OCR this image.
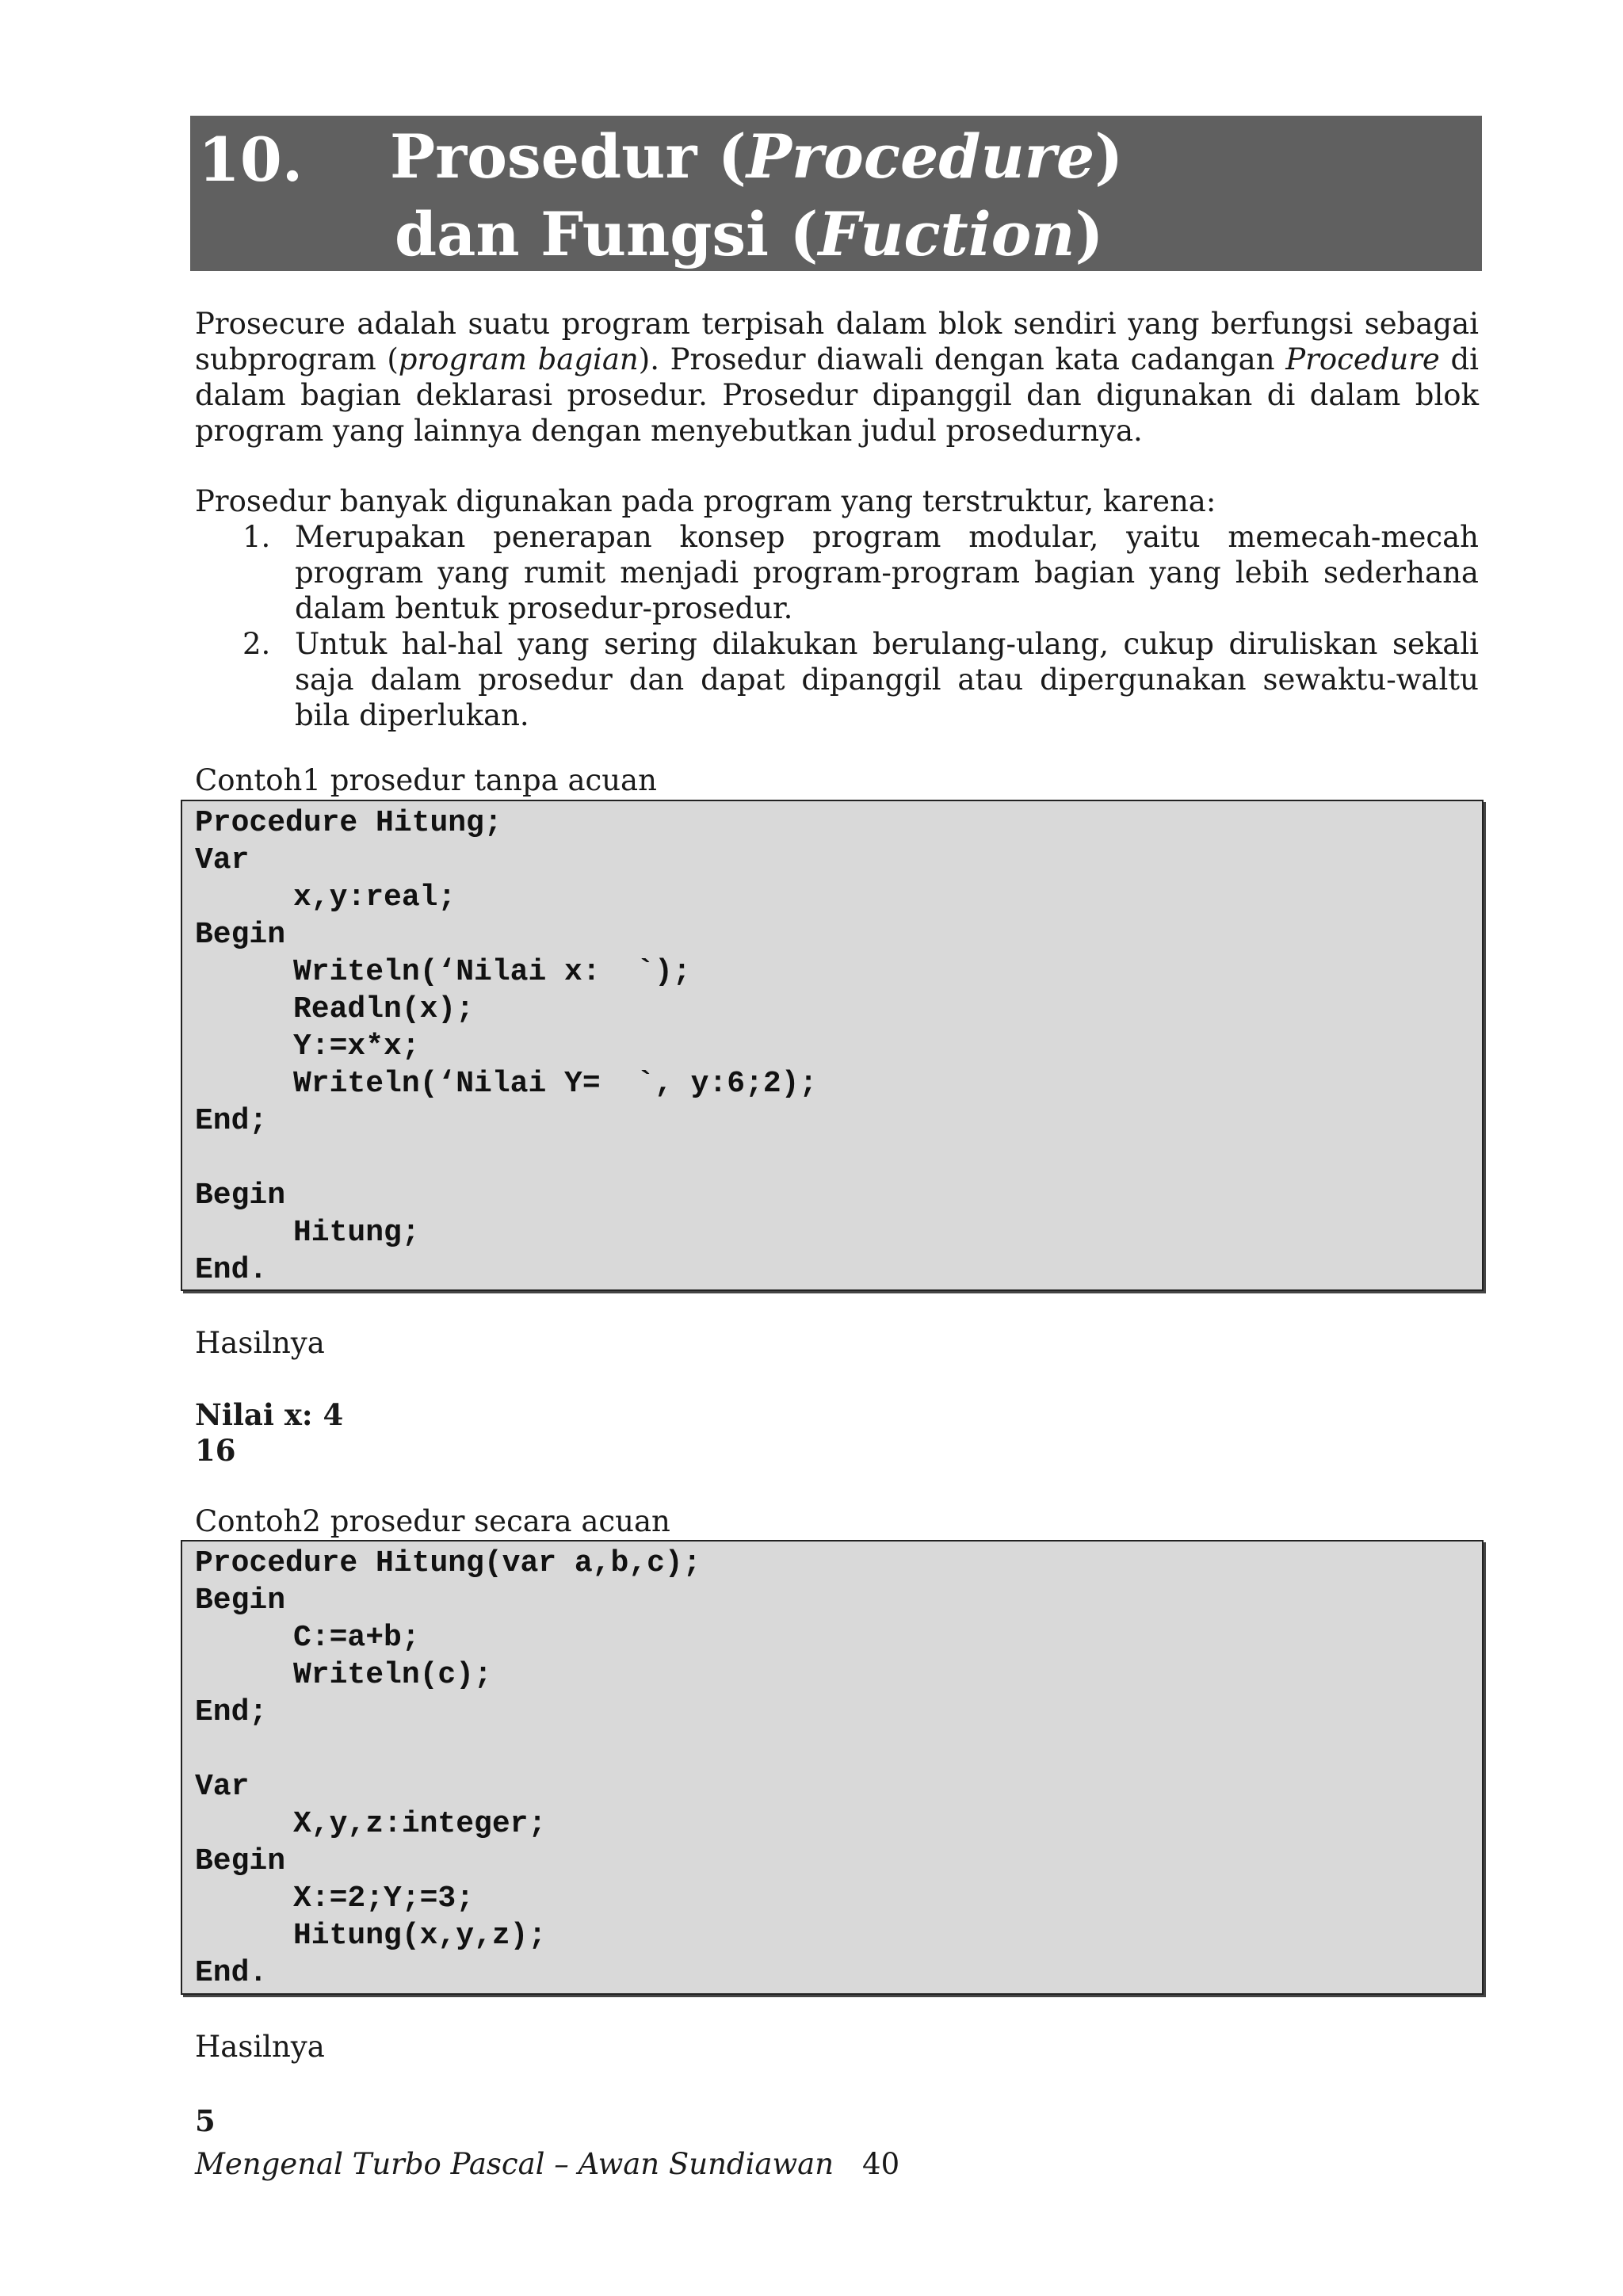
10. Prosedur (Procedure)
dan Fungsi (Fuction)
Prosecure adalah suatu program terpisah dalam blok sendiri yang berfungsi sebagai
subprogram (program bagian). Prosedur diawali dengan kata cadangan Procedure di
dalam bagian deklarasi prosedur. Prosedur dipanggil dan digunakan di dalam blok
program yang lainnya dengan menyebutkan judul prosedurnya.
Prosedur banyak digunakan pada program yang terstruktur, karena:
1. Merupakan penerapan konsep program modular, yaitu memecah-mecah
program yang rumit menjadi program-program bagian yang lebih sederhana
dalam bentuk prosedur-prosedur.
2. Untuk hal-hal yang sering dilakukan berulang-ulang, cukup diruliskan sekali
saja dalam prosedur dan dapat dipanggil atau dipergunakan sewaktu-waltu
bila diperlukan.
Contoh1 prosedur tanpa acuan
Procedure Hitung;
Var
x,y:real;
Begin
Writeln(‘Nilai x:  `);
Readln(x);
Y:=x*x;
Writeln(‘Nilai Y=  `, y:6;2);
End;
Begin
Hitung;
End.
Hasilnya
Nilai x: 4
16
Contoh2 prosedur secara acuan
Procedure Hitung(var a,b,c);
Begin
C:=a+b;
Writeln(c);
End;
Var
X,y,z:integer;
Begin
X:=2;Y;=3;
Hitung(x,y,z);
End.
Hasilnya
5
Mengenal Turbo Pascal – Awan Sundiawan 40
